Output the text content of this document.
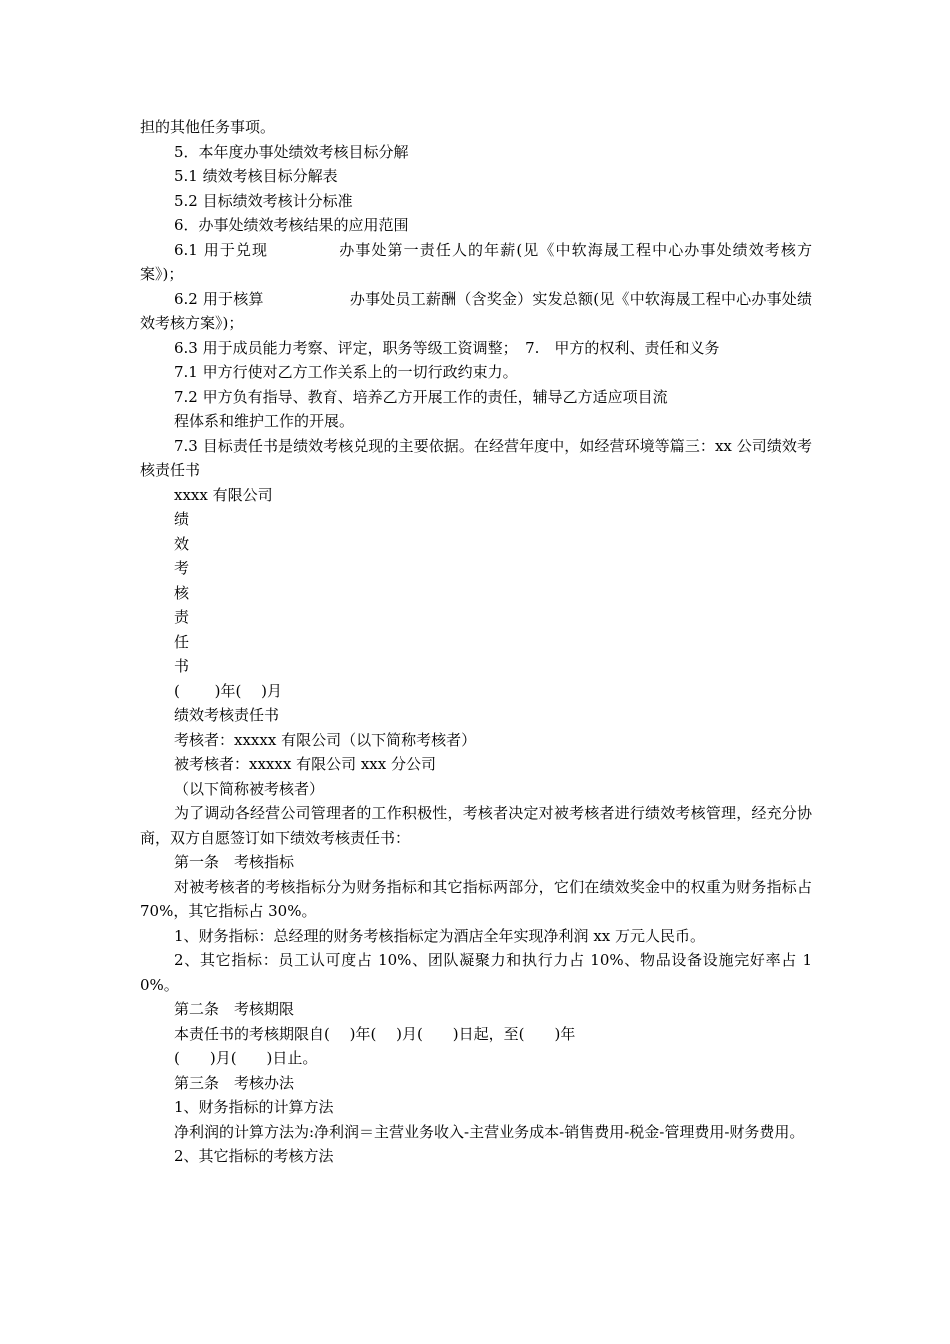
担的其他任务事项。

5．本年度办事处绩效考核目标分解

5.1 绩效考核目标分解表

5.2 目标绩效考核计分标准

6．办事处绩效考核结果的应用范围

6.1 用于兑现	办事处第一责任人的年薪(见《中软海晟工程中心办事处绩效考核方案》)；

6.2 用于核算	办事处员工薪酬（含奖金）实发总额(见《中软海晟工程中心办事处绩效考核方案》)；

6.3 用于成员能力考察、评定，职务等级工资调整；　7.　甲方的权利、责任和义务

7.1 甲方行使对乙方工作关系上的一切行政约束力。

7.2 甲方负有指导、教育、培养乙方开展工作的责任，辅导乙方适应项目流

程体系和维护工作的开展。

7.3 目标责任书是绩效考核兑现的主要依据。在经营年度中，如经营环境等篇三：xx 公司绩效考核责任书

xxxx 有限公司

绩

效

考

核

责

任

书

(　　 )年(　 )月

绩效考核责任书

考核者：xxxxx 有限公司（以下简称考核者）

被考核者：xxxxx 有限公司 xxx 分公司

（以下简称被考核者）

为了调动各经营公司管理者的工作积极性，考核者决定对被考核者进行绩效考核管理，经充分协商，双方自愿签订如下绩效考核责任书：

第一条　考核指标

对被考核者的考核指标分为财务指标和其它指标两部分，它们在绩效奖金中的权重为财务指标占 70%，其它指标占 30%。

1、财务指标：总经理的财务考核指标定为酒店全年实现净利润 xx 万元人民币。

2、其它指标：员工认可度占 10%、团队凝聚力和执行力占 10%、物品设备设施完好率占 10%。

第二条　考核期限

本责任书的考核期限自(　 )年(　 )月(　　)日起，至(　　)年

(　　)月(　　)日止。

第三条　考核办法

1、财务指标的计算方法

净利润的计算方法为:净利润＝主营业务收入-主营业务成本-销售费用-税金-管理费用-财务费用。

2、其它指标的考核方法
